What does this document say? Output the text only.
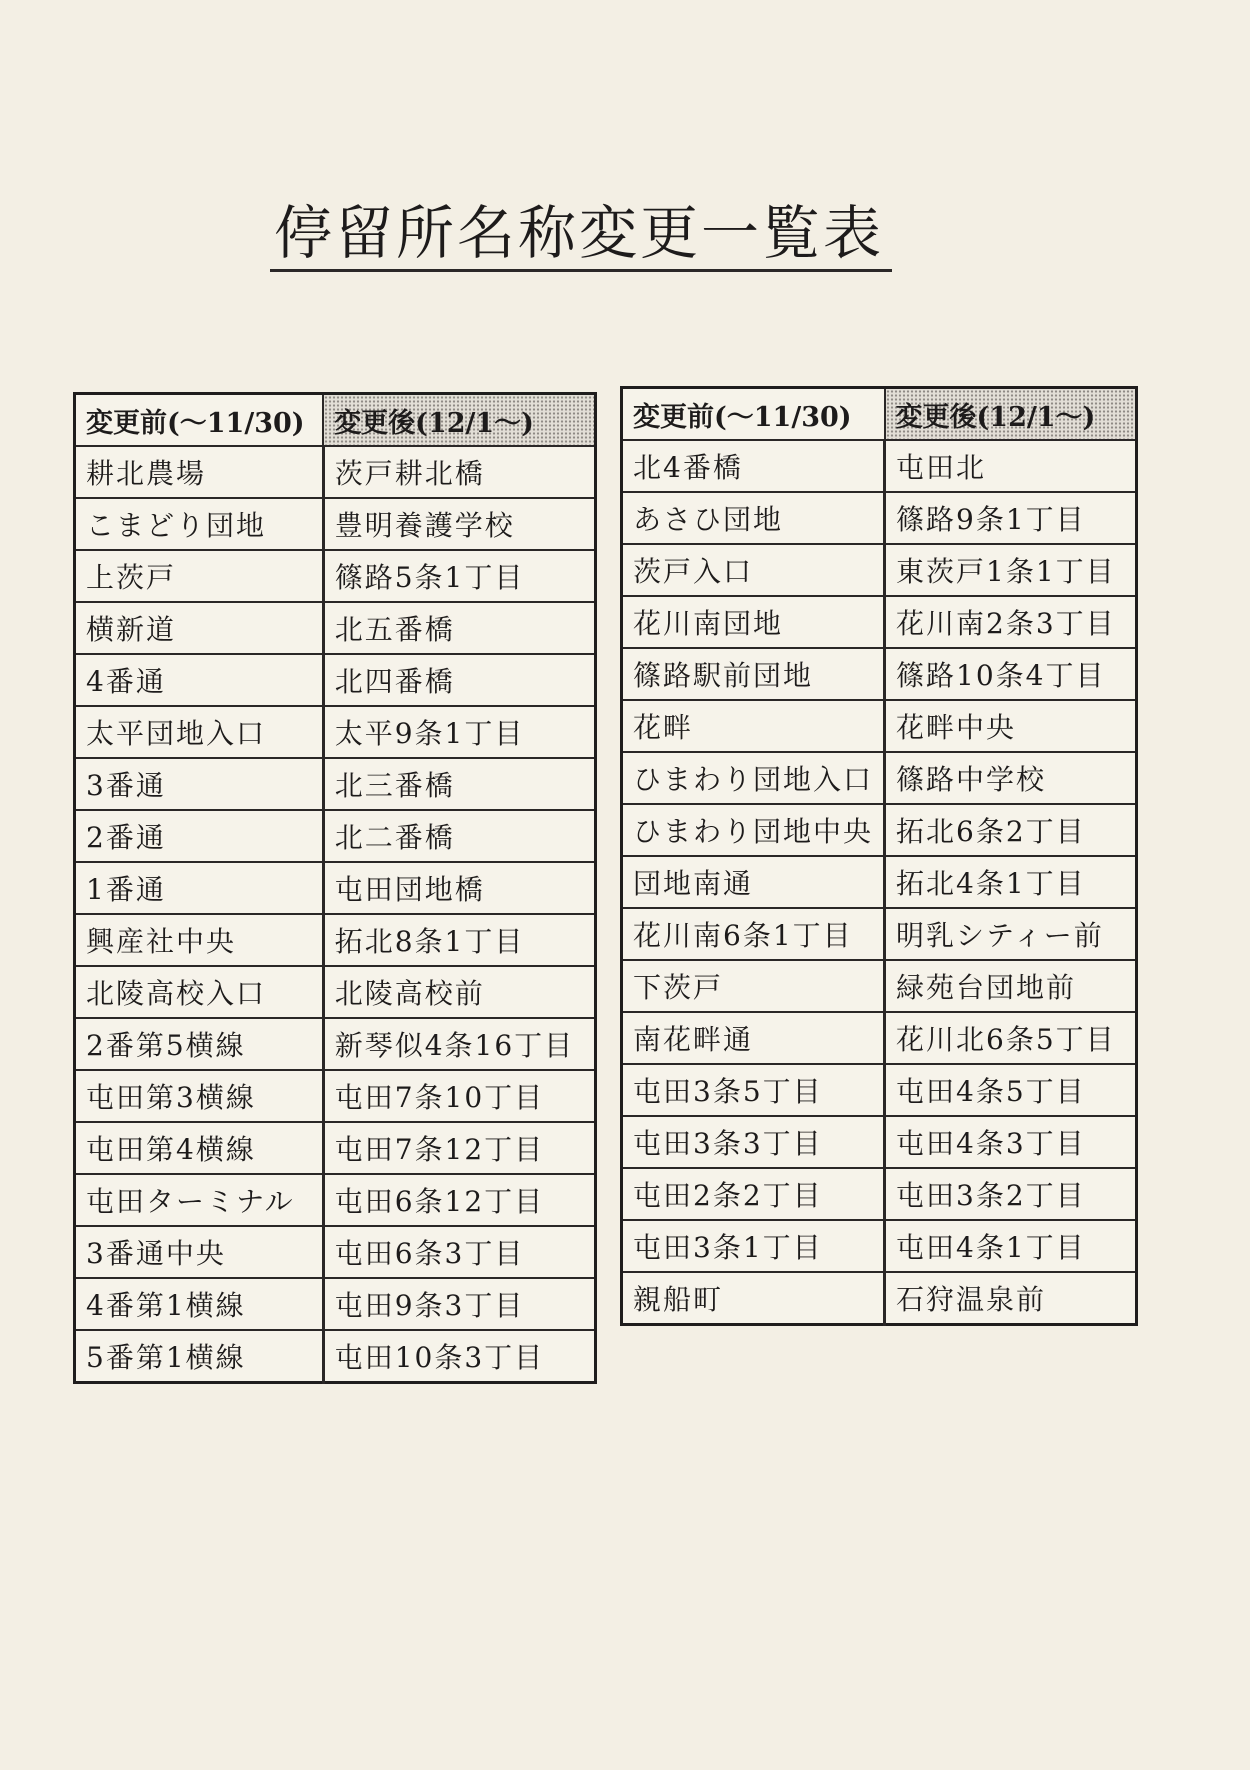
停留所名称変更一覧表
変更前(～11/30)	変更後(12/1～)
耕北農場	茨戸耕北橋
こまどり団地	豊明養護学校
上茨戸	篠路5条1丁目
横新道	北五番橋
4番通	北四番橋
太平団地入口	太平9条1丁目
3番通	北三番橋
2番通	北二番橋
1番通	屯田団地橋
興産社中央	拓北8条1丁目
北陵高校入口	北陵高校前
2番第5横線	新琴似4条16丁目
屯田第3横線	屯田7条10丁目
屯田第4横線	屯田7条12丁目
屯田ターミナル	屯田6条12丁目
3番通中央	屯田6条3丁目
4番第1横線	屯田9条3丁目
5番第1横線	屯田10条3丁目
変更前(～11/30)	変更後(12/1～)
北4番橋	屯田北
あさひ団地	篠路9条1丁目
茨戸入口	東茨戸1条1丁目
花川南団地	花川南2条3丁目
篠路駅前団地	篠路10条4丁目
花畔	花畔中央
ひまわり団地入口	篠路中学校
ひまわり団地中央	拓北6条2丁目
団地南通	拓北4条1丁目
花川南6条1丁目	明乳シティー前
下茨戸	緑苑台団地前
南花畔通	花川北6条5丁目
屯田3条5丁目	屯田4条5丁目
屯田3条3丁目	屯田4条3丁目
屯田2条2丁目	屯田3条2丁目
屯田3条1丁目	屯田4条1丁目
親船町	石狩温泉前
